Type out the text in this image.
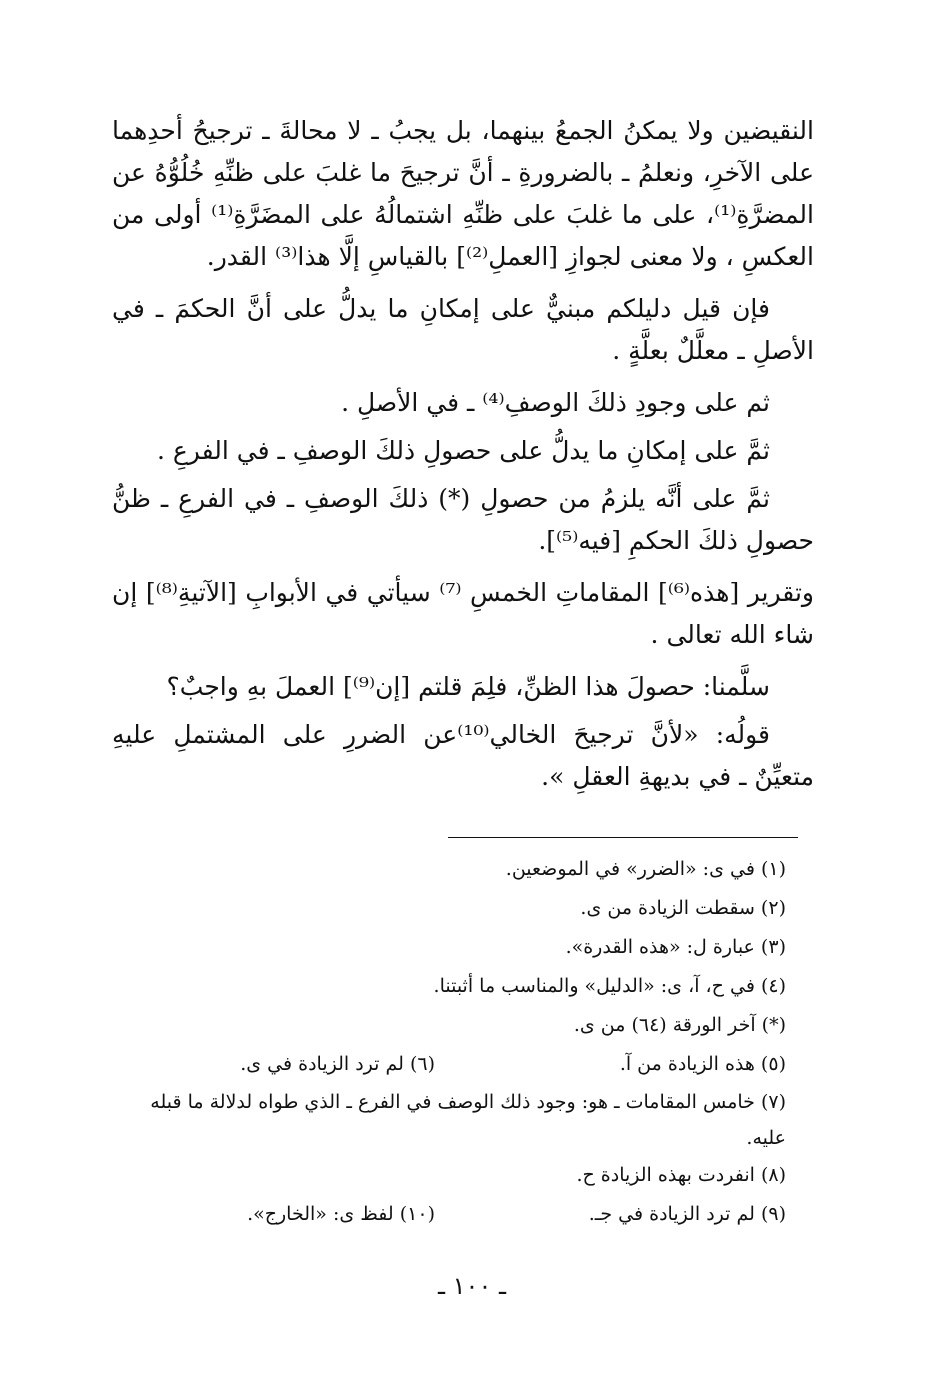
النقيضين ولا يمكنُ الجمعُ بينهما، بل يجبُ ـ لا محالةَ ـ ترجيحُ أحدِهما على الآخرِ، ونعلمُ ـ بالضرورةِ ـ أنَّ ترجيحَ ما غلبَ على ظنِّهِ خُلُوُّهُ عن المضرَّةِ⁽¹⁾، على ما غلبَ على ظنِّهِ اشتمالُهُ على المضَرَّةِ⁽¹⁾ أولى من العكسِ ، ولا معنى لجوازِ [العملِ⁽²⁾] بالقياسِ إلَّا هذا⁽³⁾ القدر.

فإن قيل دليلكم مبنيٌّ على إمكانِ ما يدلُّ على أنَّ الحكمَ ـ في الأصلِ ـ معلَّلٌ بعلَّةٍ .

ثم على وجودِ ذلكَ الوصفِ⁽⁴⁾ ـ في الأصلِ .

ثمَّ على إمكانِ ما يدلُّ على حصولِ ذلكَ الوصفِ ـ في الفرعِ .

ثمَّ على أنَّه يلزمُ من حصولِ (*) ذلكَ الوصفِ ـ في الفرعِ ـ ظنُّ حصولِ ذلكَ الحكمِ [فيه⁽⁵⁾].

وتقرير [هذه⁽⁶⁾] المقاماتِ الخمسِ ⁽⁷⁾ سيأتي في الأبوابِ [الآتيةِ⁽⁸⁾] إن شاء الله تعالى .

سلَّمنا: حصولَ هذا الظنِّ، فلِمَ قلتم [إن⁽⁹⁾] العملَ بهِ واجبٌ؟

قولُه: «لأنَّ ترجيحَ الخالي⁽¹⁰⁾عن الضررِ على المشتملِ عليهِ متعيِّنٌ ـ في بديهةِ العقلِ ».

(١) في ى: «الضرر» في الموضعين.
(٢) سقطت الزيادة من ى.
(٣) عبارة ل: «هذه القدرة».
(٤) في ح، آ، ى: «الدليل» والمناسب ما أثبتنا.
(*) آخر الورقة (٦٤) من ى.
(٥) هذه الزيادة من آ.
(٦) لم ترد الزيادة في ى.
(٧) خامس المقامات ـ هو: وجود ذلك الوصف في الفرع ـ الذي طواه لدلالة ما قبله عليه.
(٨) انفردت بهذه الزيادة ح.
(٩) لم ترد الزيادة في جـ.
(١٠) لفظ ى: «الخارج».
ـ ١٠٠ ـ
